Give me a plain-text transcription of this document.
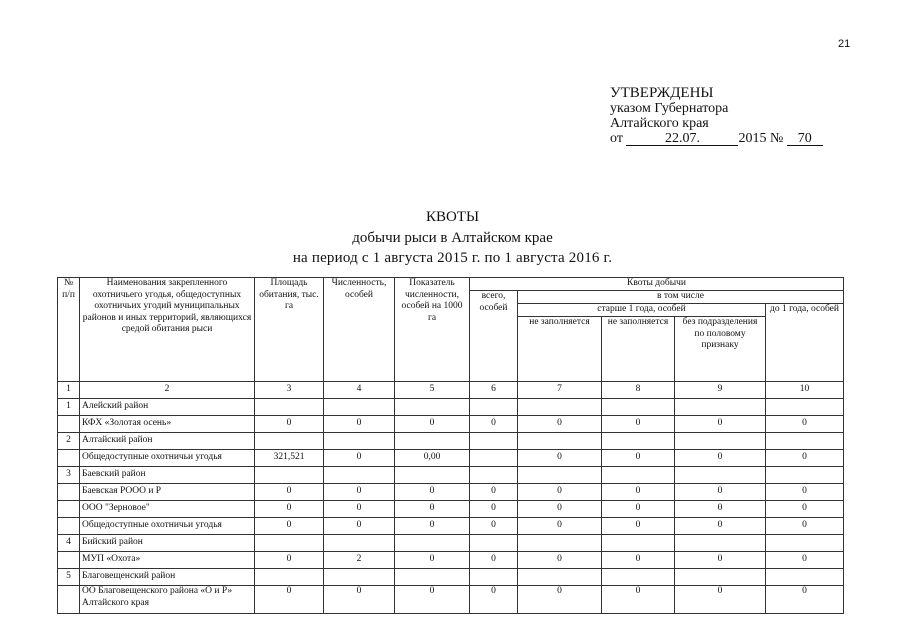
21
УТВЕРЖДЕНЫ
указом Губернатора
Алтайского края
от	22.07.	2015 № 70
КВОТЫ
добычи рыси в Алтайском крае
на период с 1 августа 2015 г. по 1 августа 2016 г.
№ п/п	Наименования закрепленного охотничьего угодья, общедоступных охотничьих угодий муниципальных районов и иных территорий, являющихся средой обитания рыси	Площадь обитания, тыс. га	Численность, особей	Показатель численности, особей на 1000 га	Квоты добычи				
					всего, особей	в том числе			
						старше 1 года, особей			до 1 года, особей
						не заполняется	не заполняется	без подразделения по половому признаку	
1	2	3	4	5	6	7	8	9	10
1	Алейский район								
	КФХ «Золотая осень»	0	0	0	0	0	0	0	0
2	Алтайский район								
	Общедоступные охотничьи угодья	321,521	0	0,00		0	0	0	0
3	Баевский район								
	Баевская РООО и Р	0	0	0	0	0	0	0	0
	ООО "Зерновое"	0	0	0	0	0	0	0	0
	Общедоступные охотничьи угодья	0	0	0	0	0	0	0	0
4	Бийский район								
	МУП «Охота»	0	2	0	0	0	0	0	0
5	Благовещенский район								
	ОО Благовещенского района «О и Р» Алтайского края	0	0	0	0	0	0	0	0
